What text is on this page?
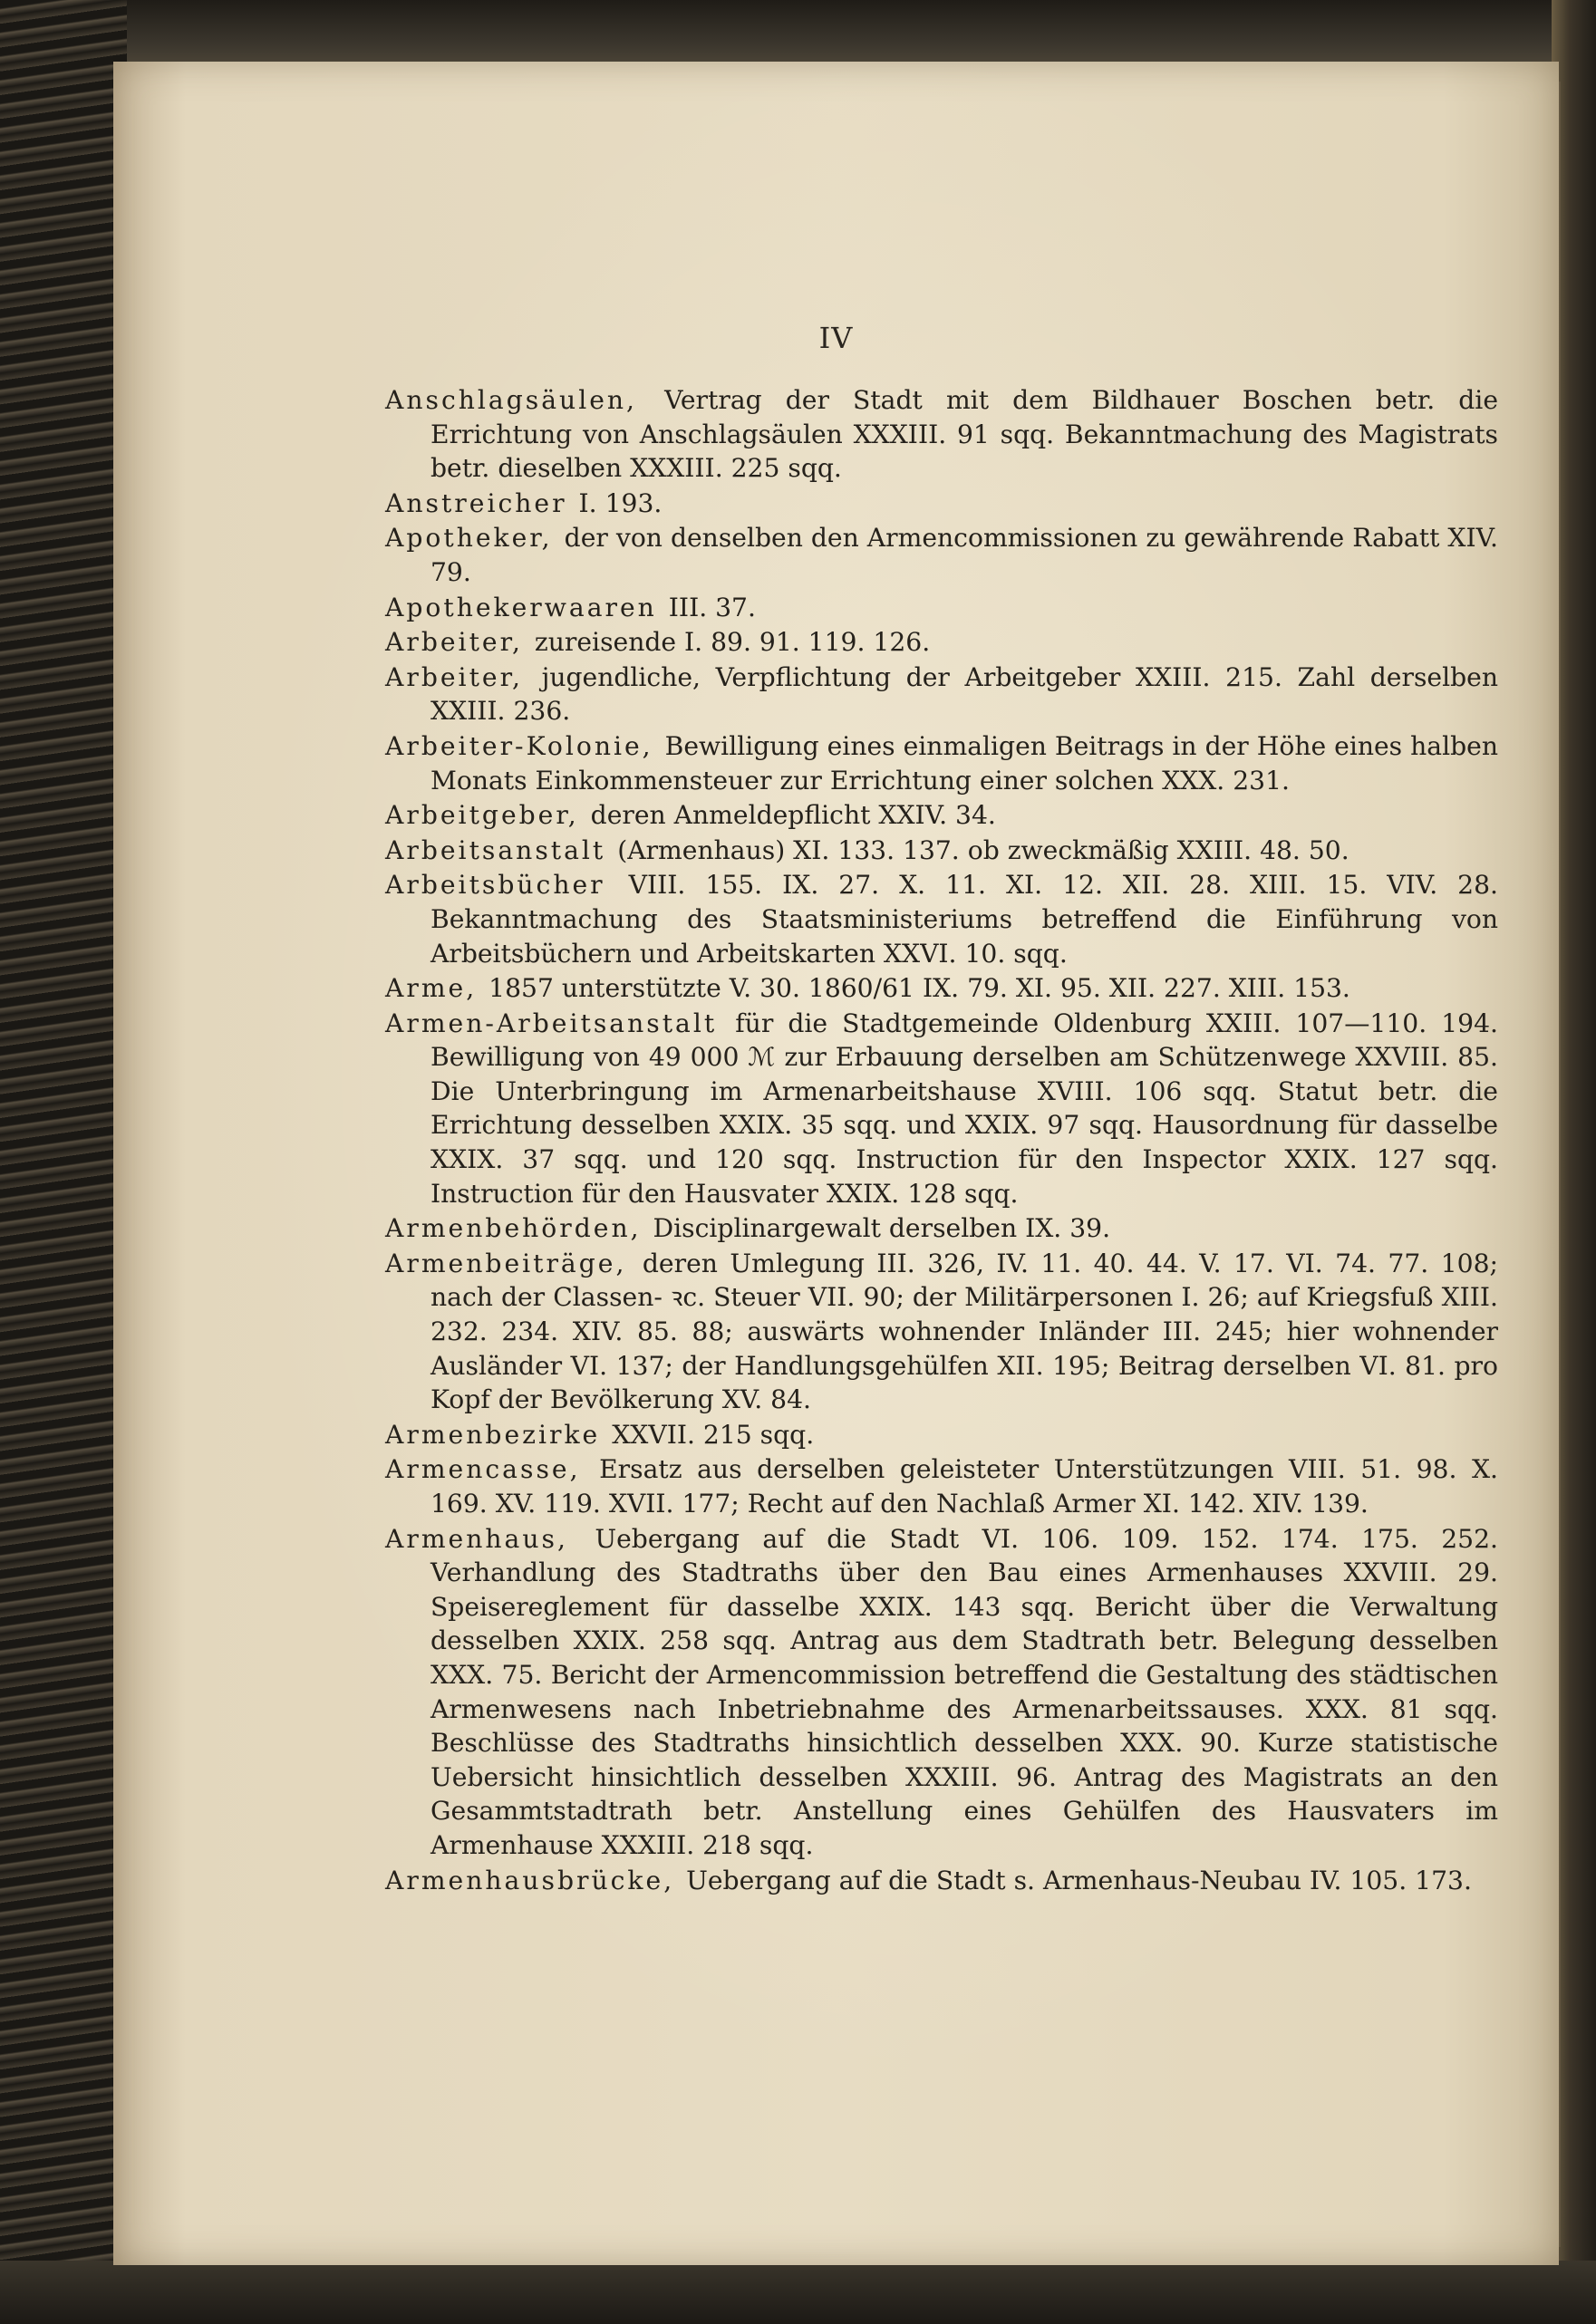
IV

Anschlagsäulen, Vertrag der Stadt mit dem Bildhauer Boschen betr. die Errichtung von Anschlagsäulen XXXIII. 91 sqq. Bekanntmachung des Magistrats betr. dieselben XXXIII. 225 sqq.

Anstreicher I. 193.

Apotheker, der von denselben den Armencommissionen zu gewährende Rabatt XIV. 79.

Apothekerwaaren III. 37.

Arbeiter, zureisende I. 89. 91. 119. 126.

Arbeiter, jugendliche, Verpflichtung der Arbeitgeber XXIII. 215. Zahl derselben XXIII. 236.

Arbeiter-Kolonie, Bewilligung eines einmaligen Beitrags in der Höhe eines halben Monats Einkommensteuer zur Errichtung einer solchen XXX. 231.

Arbeitgeber, deren Anmeldepflicht XXIV. 34.

Arbeitsanstalt (Armenhaus) XI. 133. 137. ob zweckmäßig XXIII. 48. 50.

Arbeitsbücher VIII. 155. IX. 27. X. 11. XI. 12. XII. 28. XIII. 15. VIV. 28. Bekanntmachung des Staatsministeriums betreffend die Einführung von Arbeitsbüchern und Arbeitskarten XXVI. 10. sqq.

Arme, 1857 unterstützte V. 30. 1860/61 IX. 79. XI. 95. XII. 227. XIII. 153.

Armen-Arbeitsanstalt für die Stadtgemeinde Oldenburg XXIII. 107—110. 194. Bewilligung von 49 000 ℳ zur Erbauung derselben am Schützenwege XXVIII. 85. Die Unterbringung im Armenarbeitshause XVIII. 106 sqq. Statut betr. die Errichtung desselben XXIX. 35 sqq. und XXIX. 97 sqq. Hausordnung für dasselbe XXIX. 37 sqq. und 120 sqq. Instruction für den Inspector XXIX. 127 sqq. Instruction für den Hausvater XXIX. 128 sqq.

Armenbehörden, Disciplinargewalt derselben IX. 39.

Armenbeiträge, deren Umlegung III. 326, IV. 11. 40. 44. V. 17. VI. 74. 77. 108; nach der Classen- ꝛc. Steuer VII. 90; der Militärpersonen I. 26; auf Kriegsfuß XIII. 232. 234. XIV. 85. 88; auswärts wohnender Inländer III. 245; hier wohnender Ausländer VI. 137; der Handlungsgehülfen XII. 195; Beitrag derselben VI. 81. pro Kopf der Bevölkerung XV. 84.

Armenbezirke XXVII. 215 sqq.

Armencasse, Ersatz aus derselben geleisteter Unterstützungen VIII. 51. 98. X. 169. XV. 119. XVII. 177; Recht auf den Nachlaß Armer XI. 142. XIV. 139.

Armenhaus, Uebergang auf die Stadt VI. 106. 109. 152. 174. 175. 252. Verhandlung des Stadtraths über den Bau eines Armenhauses XXVIII. 29. Speisereglement für dasselbe XXIX. 143 sqq. Bericht über die Verwaltung desselben XXIX. 258 sqq. Antrag aus dem Stadtrath betr. Belegung desselben XXX. 75. Bericht der Armencommission betreffend die Gestaltung des städtischen Armenwesens nach Inbetriebnahme des Armenarbeitssauses. XXX. 81 sqq. Beschlüsse des Stadtraths hinsichtlich desselben XXX. 90. Kurze statistische Uebersicht hinsichtlich desselben XXXIII. 96. Antrag des Magistrats an den Gesammtstadtrath betr. Anstellung eines Gehülfen des Hausvaters im Armenhause XXXIII. 218 sqq.

Armenhausbrücke, Uebergang auf die Stadt s. Armenhaus-Neubau IV. 105. 173.
